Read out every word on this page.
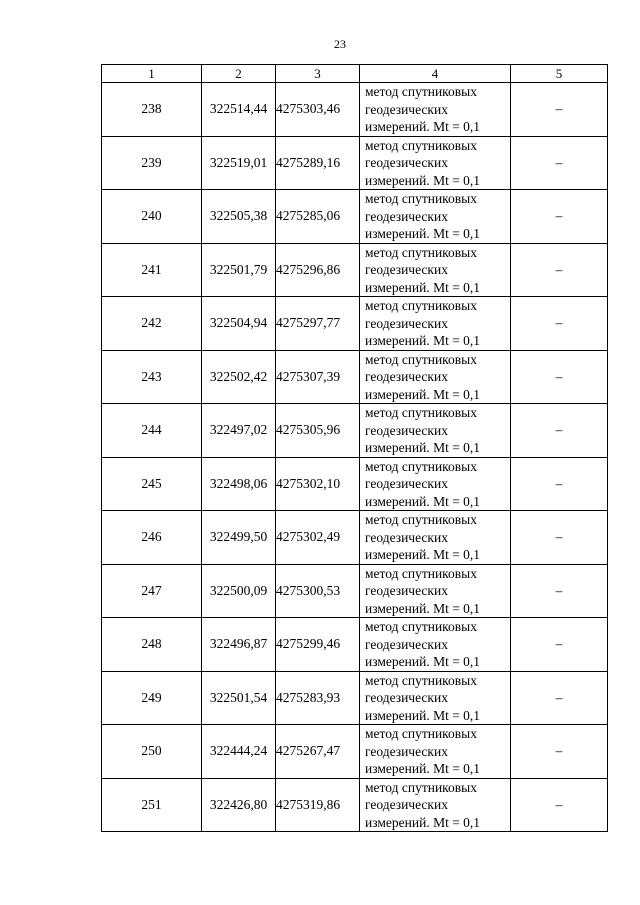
23
1	2	3	4	5
238	322514,44	4275303,46	метод спутниковых
геодезических
измерений. Mt = 0,1	–
239	322519,01	4275289,16	метод спутниковых
геодезических
измерений. Mt = 0,1	–
240	322505,38	4275285,06	метод спутниковых
геодезических
измерений. Mt = 0,1	–
241	322501,79	4275296,86	метод спутниковых
геодезических
измерений. Mt = 0,1	–
242	322504,94	4275297,77	метод спутниковых
геодезических
измерений. Mt = 0,1	–
243	322502,42	4275307,39	метод спутниковых
геодезических
измерений. Mt = 0,1	–
244	322497,02	4275305,96	метод спутниковых
геодезических
измерений. Mt = 0,1	–
245	322498,06	4275302,10	метод спутниковых
геодезических
измерений. Mt = 0,1	–
246	322499,50	4275302,49	метод спутниковых
геодезических
измерений. Mt = 0,1	–
247	322500,09	4275300,53	метод спутниковых
геодезических
измерений. Mt = 0,1	–
248	322496,87	4275299,46	метод спутниковых
геодезических
измерений. Mt = 0,1	–
249	322501,54	4275283,93	метод спутниковых
геодезических
измерений. Mt = 0,1	–
250	322444,24	4275267,47	метод спутниковых
геодезических
измерений. Mt = 0,1	–
251	322426,80	4275319,86	метод спутниковых
геодезических
измерений. Mt = 0,1	–
